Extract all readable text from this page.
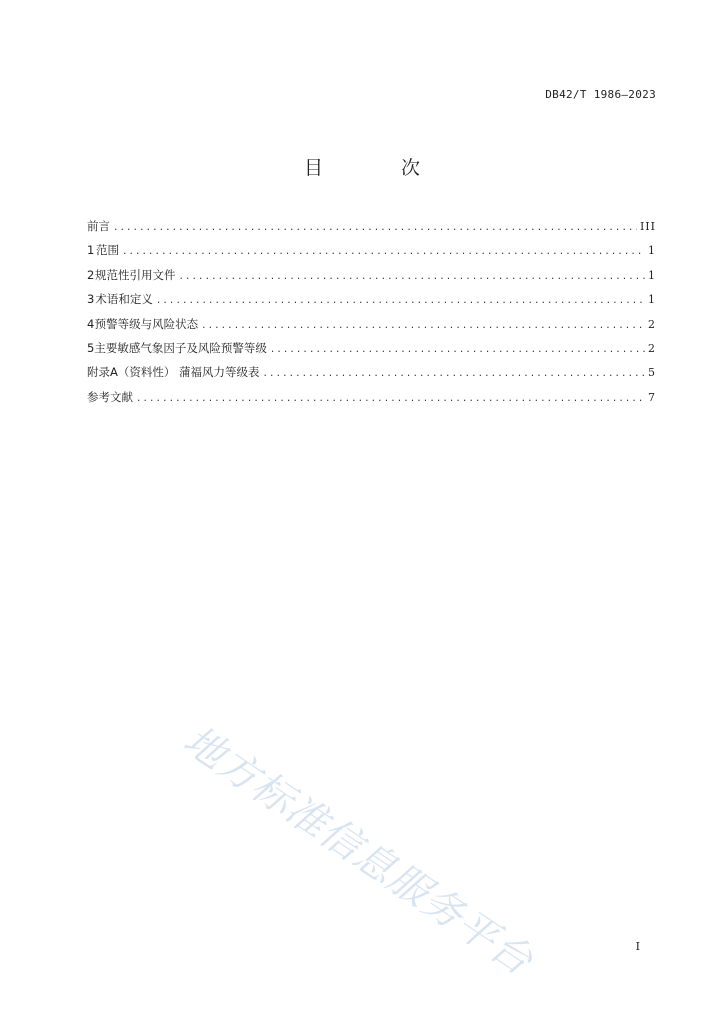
DB42/T 1986—2023
目 次
前言 .....	III
1 范围 .....	1
2 规范性引用文件 .....	1
3 术语和定义 .....	1
4 预警等级与风险状态 .....	2
5 主要敏感气象因子及风险预警等级 .....	2
附录A（资料性） 蒲福风力等级表 .....	5
参考文献 .....	7
地方标准信息服务平台	I
